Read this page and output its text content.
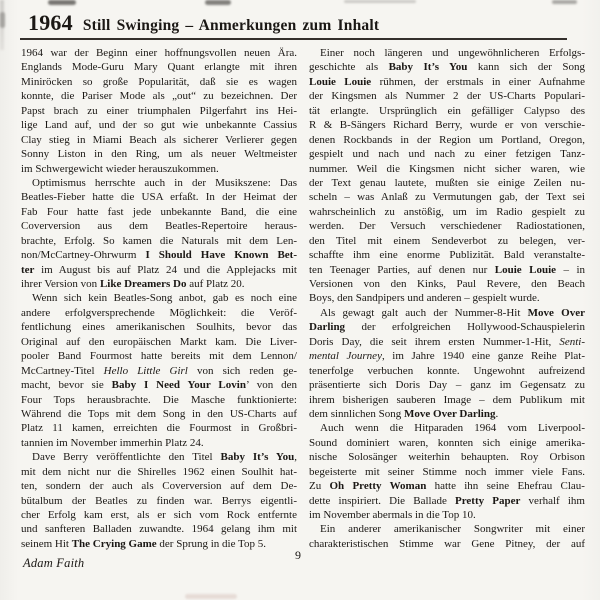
1964 Still Swinging – Anmerkungen zum Inhalt
1964 war der Beginn einer hoffnungsvollen neuen Ära.
Englands Mode-Guru Mary Quant erlangte mit ihren
Miniröcken so große Popularität, daß sie es wagen
konnte, die Pariser Mode als „out“ zu bezeichnen. Der
Papst brach zu einer triumphalen Pilgerfahrt ins Hei-
lige Land auf, und der so gut wie unbekannte Cassius
Clay stieg in Miami Beach als sicherer Verlierer gegen
Sonny Liston in den Ring, um als neuer Weltmeister
im Schwergewicht wieder herauszukommen.
Optimismus herrschte auch in der Musikszene: Das
Beatles-Fieber hatte die USA erfaßt. In der Heimat der
Fab Four hatte fast jede unbekannte Band, die eine
Coverversion aus dem Beatles-Repertoire heraus-
brachte, Erfolg. So kamen die Naturals mit dem Len-
non/McCartney-Ohrwurm I Should Have Known Bet-
ter im August bis auf Platz 24 und die Applejacks mit
ihrer Version von Like Dreamers Do auf Platz 20.
Wenn sich kein Beatles-Song anbot, gab es noch eine
andere erfolgversprechende Möglichkeit: die Veröf-
fentlichung eines amerikanischen Soulhits, bevor das
Original auf den europäischen Markt kam. Die Liver-
pooler Band Fourmost hatte bereits mit dem Lennon/
McCartney-Titel Hello Little Girl von sich reden ge-
macht, bevor sie Baby I Need Your Lovin’ von den
Four Tops herausbrachte. Die Masche funktionierte:
Während die Tops mit dem Song in den US-Charts auf
Platz 11 kamen, erreichten die Fourmost in Großbri-
tannien im November immerhin Platz 24.
Dave Berry veröffentlichte den Titel Baby It’s You,
mit dem nicht nur die Shirelles 1962 einen Soulhit hat-
ten, sondern der auch als Coverversion auf dem De-
bütalbum der Beatles zu finden war. Berrys eigentli-
cher Erfolg kam erst, als er sich vom Rock entfernte
und sanfteren Balladen zuwandte. 1964 gelang ihm mit
seinem Hit The Crying Game der Sprung in die Top 5.
Einer noch längeren und ungewöhnlicheren Erfolgs-
geschichte als Baby It’s You kann sich der Song
Louie Louie rühmen, der erstmals in einer Aufnahme
der Kingsmen als Nummer 2 der US-Charts Populari-
tät erlangte. Ursprünglich ein gefälliger Calypso des
R & B-Sängers Richard Berry, wurde er von verschie-
denen Rockbands in der Region um Portland, Oregon,
gespielt und nach und nach zu einer fetzigen Tanz-
nummer. Weil die Kingsmen nicht sicher waren, wie
der Text genau lautete, mußten sie einige Zeilen nu-
scheln – was Anlaß zu Vermutungen gab, der Text sei
wahrscheinlich zu anstößig, um im Radio gespielt zu
werden. Der Versuch verschiedener Radiostationen,
den Titel mit einem Sendeverbot zu belegen, ver-
schaffte ihm eine enorme Publizität. Bald veranstalte-
ten Teenager Parties, auf denen nur Louie Louie – in
Versionen von den Kinks, Paul Revere, den Beach
Boys, den Sandpipers und anderen – gespielt wurde.
Als gewagt galt auch der Nummer-8-Hit Move Over
Darling der erfolgreichen Hollywood-Schauspielerin
Doris Day, die seit ihrem ersten Nummer-1-Hit, Senti-
mental Journey, im Jahre 1940 eine ganze Reihe Plat-
tenerfolge verbuchen konnte. Ungewohnt aufreizend
präsentierte sich Doris Day – ganz im Gegensatz zu
ihrem bisherigen sauberen Image – dem Publikum mit
dem sinnlichen Song Move Over Darling.
Auch wenn die Hitparaden 1964 vom Liverpool-
Sound dominiert waren, konnten sich einige amerika-
nische Solosänger weiterhin behaupten. Roy Orbison
begeisterte mit seiner Stimme noch immer viele Fans.
Zu Oh Pretty Woman hatte ihn seine Ehefrau Clau-
dette inspiriert. Die Ballade Pretty Paper verhalf ihm
im November abermals in die Top 10.
Ein anderer amerikanischer Songwriter mit einer
charakteristischen Stimme war Gene Pitney, der auf
Adam Faith
9
